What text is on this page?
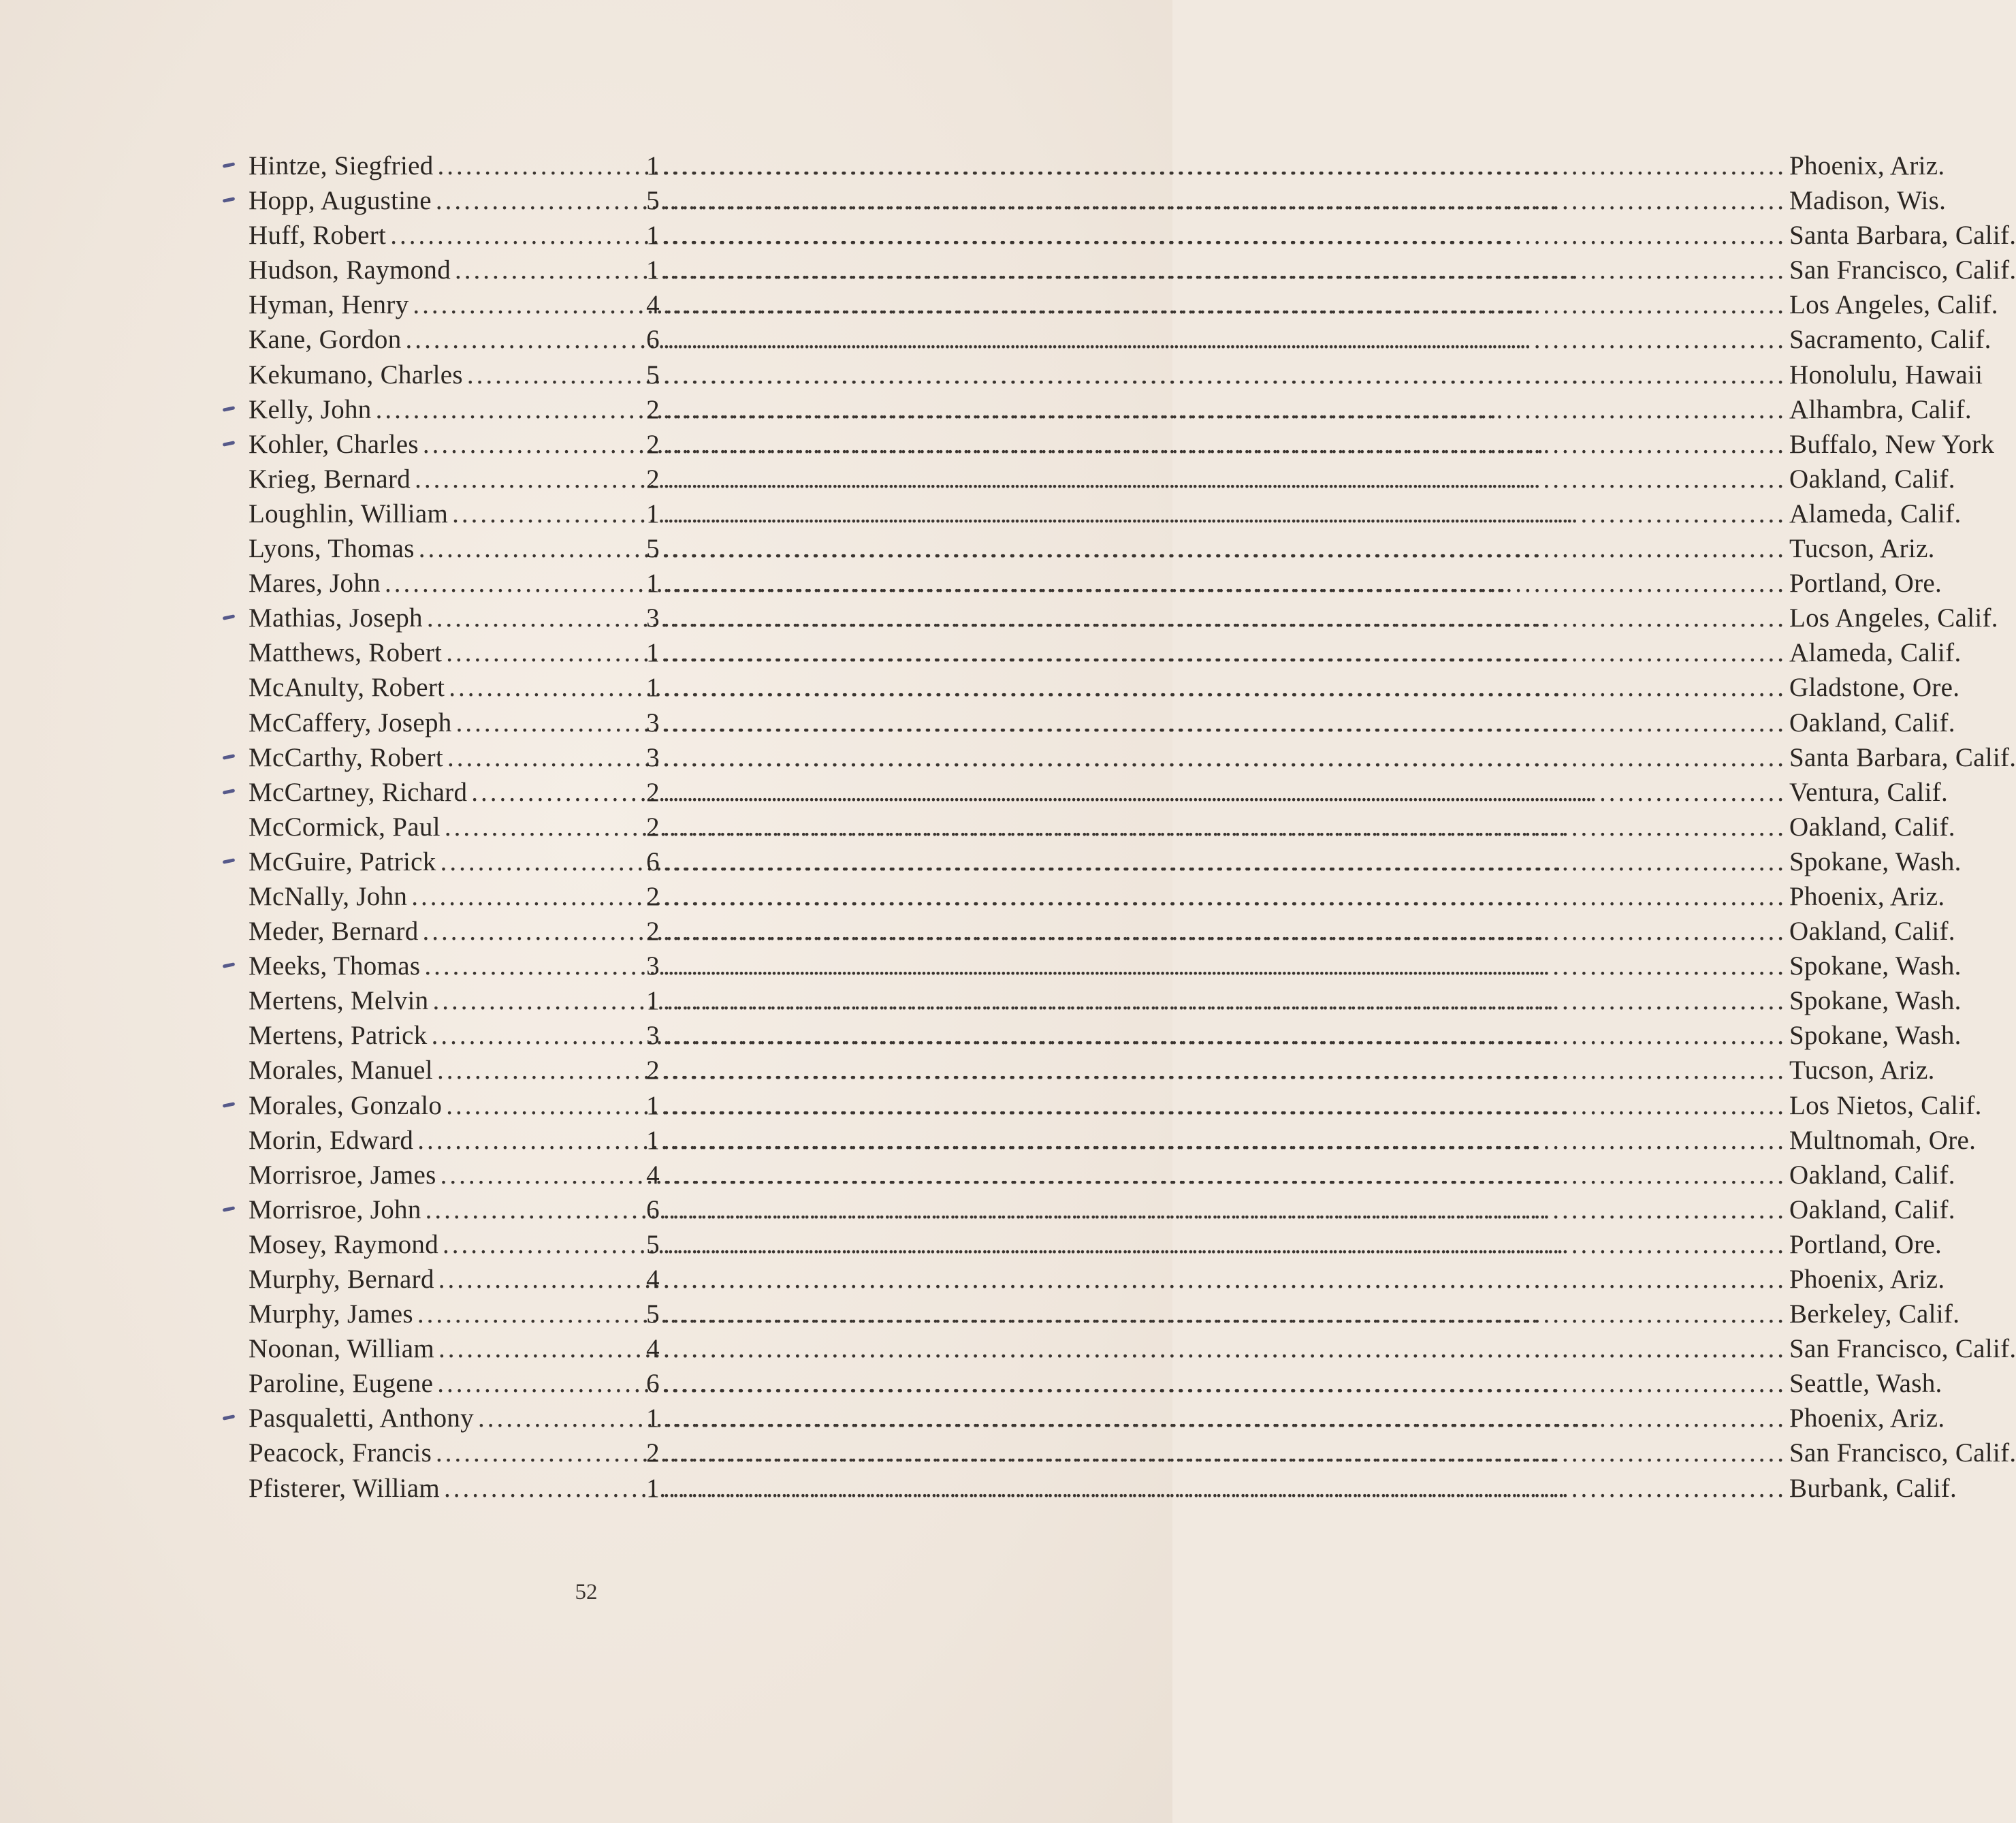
Hintze, Siegfried .....	1 .....	Phoenix, Ariz.
Hopp, Augustine .....	5 .....	Madison, Wis.
Huff, Robert .....	1 .....	Santa Barbara, Calif.
Hudson, Raymond .....	1 .....	San Francisco, Calif.
Hyman, Henry .....	4 .....	Los Angeles, Calif.
Kane, Gordon .....	6 .....	Sacramento, Calif.
Kekumano, Charles .....	5 .....	Honolulu, Hawaii
Kelly, John .....	2 .....	Alhambra, Calif.
Kohler, Charles .....	2 .....	Buffalo, New York
Krieg, Bernard .....	2 .....	Oakland, Calif.
Loughlin, William .....	1 .....	Alameda, Calif.
Lyons, Thomas .....	5 .....	Tucson, Ariz.
Mares, John .....	1 .....	Portland, Ore.
Mathias, Joseph .....	3 .....	Los Angeles, Calif.
Matthews, Robert .....	1 .....	Alameda, Calif.
McAnulty, Robert .....	1 .....	Gladstone, Ore.
McCaffery, Joseph .....	3 .....	Oakland, Calif.
McCarthy, Robert .....	3 .....	Santa Barbara, Calif.
McCartney, Richard .....	2 .....	Ventura, Calif.
McCormick, Paul .....	2 .....	Oakland, Calif.
McGuire, Patrick .....	6 .....	Spokane, Wash.
McNally, John .....	2 .....	Phoenix, Ariz.
Meder, Bernard .....	2 .....	Oakland, Calif.
Meeks, Thomas .....	3 .....	Spokane, Wash.
Mertens, Melvin .....	1 .....	Spokane, Wash.
Mertens, Patrick .....	3 .....	Spokane, Wash.
Morales, Manuel .....	2 .....	Tucson, Ariz.
Morales, Gonzalo .....	1 .....	Los Nietos, Calif.
Morin, Edward .....	1 .....	Multnomah, Ore.
Morrisroe, James .....	4 .....	Oakland, Calif.
Morrisroe, John .....	6 .....	Oakland, Calif.
Mosey, Raymond .....	5 .....	Portland, Ore.
Murphy, Bernard .....	4 .....	Phoenix, Ariz.
Murphy, James .....	5 .....	Berkeley, Calif.
Noonan, William .....	4 .....	San Francisco, Calif.
Paroline, Eugene .....	6 .....	Seattle, Wash.
Pasqualetti, Anthony .....	1 .....	Phoenix, Ariz.
Peacock, Francis .....	2 .....	San Francisco, Calif.
Pfisterer, William .....	1 .....	Burbank, Calif.
52
